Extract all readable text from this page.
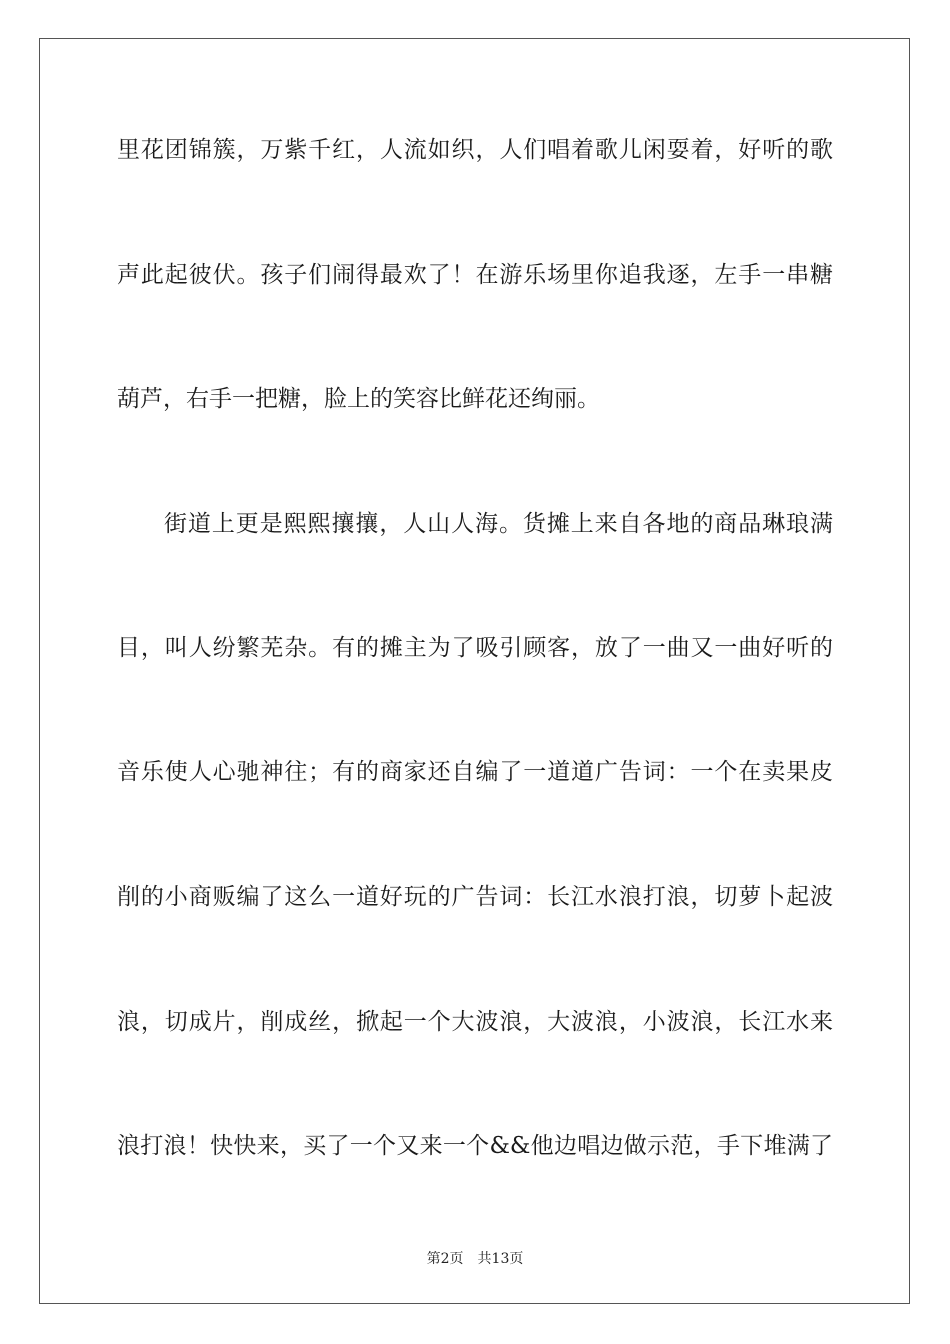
里花团锦簇，万紫千红，人流如织，人们唱着歌儿闲耍着，好听的歌
声此起彼伏。孩子们闹得最欢了！在游乐场里你追我逐，左手一串糖
葫芦，右手一把糖，脸上的笑容比鲜花还绚丽。
街道上更是熙熙攘攘，人山人海。货摊上来自各地的商品琳琅满
目，叫人纷繁芜杂。有的摊主为了吸引顾客，放了一曲又一曲好听的
音乐使人心驰神往；有的商家还自编了一道道广告词：一个在卖果皮
削的小商贩编了这么一道好玩的广告词：长江水浪打浪，切萝卜起波
浪，切成片，削成丝，掀起一个大波浪，大波浪，小波浪，长江水来
浪打浪！快快来，买了一个又来一个&&他边唱边做示范，手下堆满了
第2页 共13页
